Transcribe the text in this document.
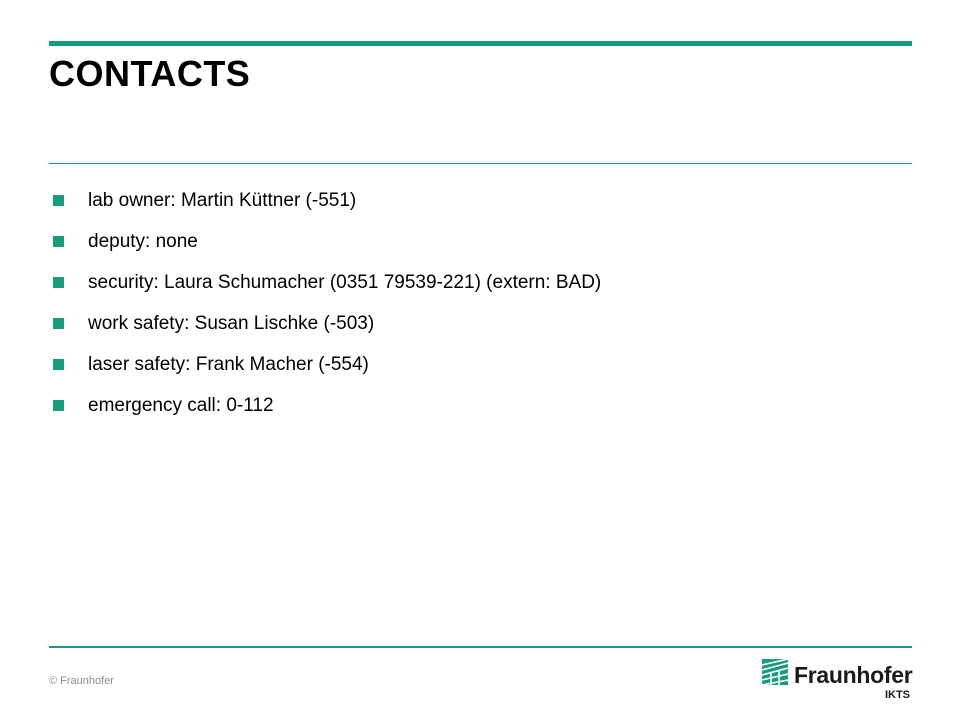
CONTACTS
lab owner: Martin Küttner (-551)
deputy: none
security: Laura Schumacher (0351 79539-221) (extern: BAD)
work safety: Susan Lischke (-503)
laser safety: Frank Macher (-554)
emergency call: 0-112
© Fraunhofer	Fraunhofer
IKTS
